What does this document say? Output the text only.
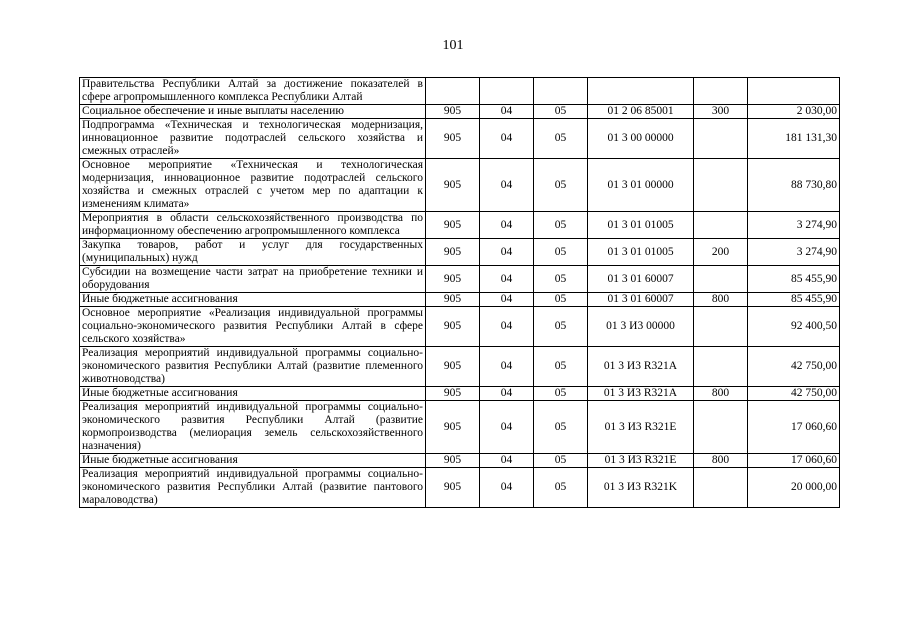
101
Правительства Республики Алтай за достижение показателей в сфере агропромышленного комплекса Республики Алтай						
Социальное обеспечение и иные выплаты населению	905	04	05	01 2 06 85001	300	2 030,00
Подпрограмма «Техническая и технологическая модернизация, инновационное развитие подотраслей сельского хозяйства и смежных отраслей»	905	04	05	01 3 00 00000		181 131,30
Основное мероприятие «Техническая и технологическая модернизация, инновационное развитие подотраслей сельского хозяйства и смежных отраслей с учетом мер по адаптации к изменениям климата»	905	04	05	01 3 01 00000		88 730,80
Мероприятия в области сельскохозяйственного производства по информационному обеспечению агропромышленного комплекса	905	04	05	01 3 01 01005		3 274,90
Закупка товаров, работ и услуг для государственных (муниципальных) нужд	905	04	05	01 3 01 01005	200	3 274,90
Субсидии на возмещение части затрат на приобретение техники и оборудования	905	04	05	01 3 01 60007		85 455,90
Иные бюджетные ассигнования	905	04	05	01 3 01 60007	800	85 455,90
Основное мероприятие «Реализация индивидуальной программы социально-экономического развития Республики Алтай в сфере сельского хозяйства»	905	04	05	01 3 И3 00000		92 400,50
Реализация мероприятий индивидуальной программы социально-экономического развития Республики Алтай (развитие племенного животноводства)	905	04	05	01 3 И3 R321A		42 750,00
Иные бюджетные ассигнования	905	04	05	01 3 И3 R321A	800	42 750,00
Реализация мероприятий индивидуальной программы социально-экономического развития Республики Алтай (развитие кормопроизводства (мелиорация земель сельскохозяйственного назначения)	905	04	05	01 3 И3 R321E		17 060,60
Иные бюджетные ассигнования	905	04	05	01 3 И3 R321E	800	17 060,60
Реализация мероприятий индивидуальной программы социально-экономического развития Республики Алтай (развитие пантового мараловодства)	905	04	05	01 3 И3 R321K		20 000,00
